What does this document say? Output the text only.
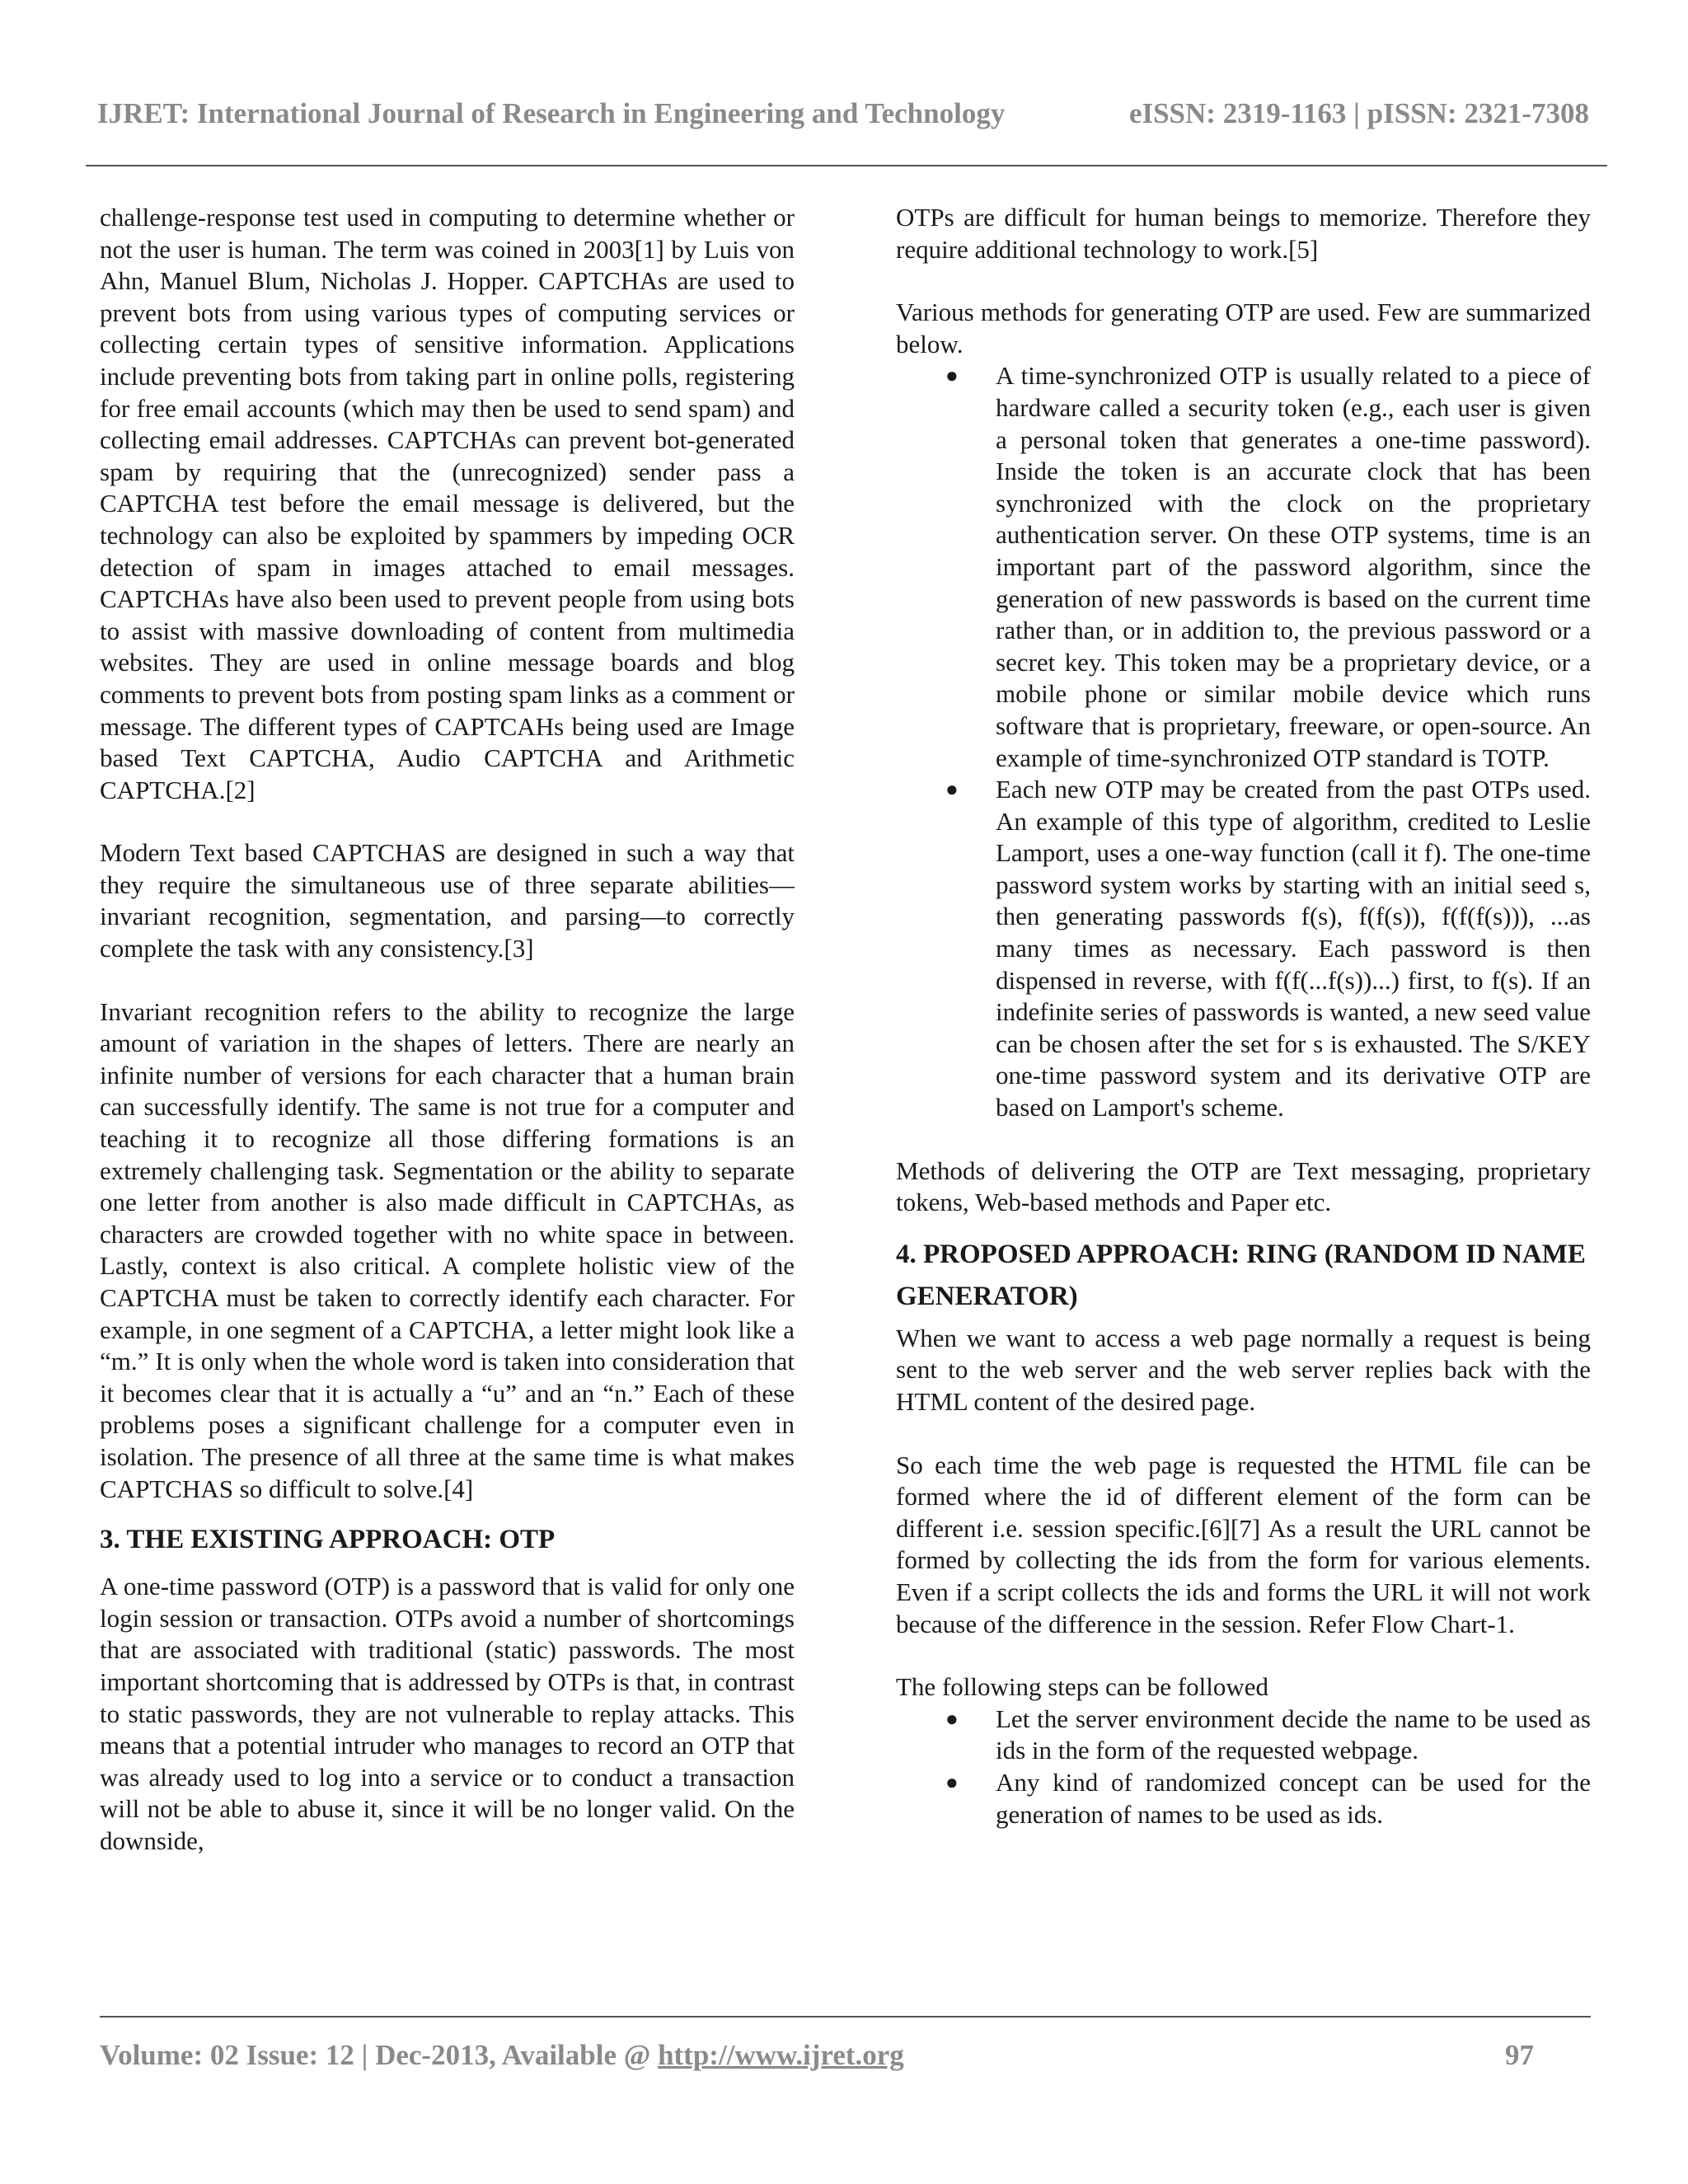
IJRET: International Journal of Research in Engineering and Technology	eISSN: 2319-1163 | pISSN: 2321-7308

challenge-response test used in computing to determine whether or not the user is human. The term was coined in 2003[1] by Luis von Ahn, Manuel Blum, Nicholas J. Hopper. CAPTCHAs are used to prevent bots from using various types of computing services or collecting certain types of sensitive information. Applications include preventing bots from taking part in online polls, registering for free email accounts (which may then be used to send spam) and collecting email addresses. CAPTCHAs can prevent bot-generated spam by requiring that the (unrecognized) sender pass a CAPTCHA test before the email message is delivered, but the technology can also be exploited by spammers by impeding OCR detection of spam in images attached to email messages. CAPTCHAs have also been used to prevent people from using bots to assist with massive downloading of content from multimedia websites. They are used in online message boards and blog comments to prevent bots from posting spam links as a comment or message. The different types of CAPTCAHs being used are Image based Text CAPTCHA, Audio CAPTCHA and Arithmetic CAPTCHA.[2]

Modern Text based CAPTCHAS are designed in such a way that they require the simultaneous use of three separate abilities—invariant recognition, segmentation, and parsing—to correctly complete the task with any consistency.[3]

Invariant recognition refers to the ability to recognize the large amount of variation in the shapes of letters. There are nearly an infinite number of versions for each character that a human brain can successfully identify. The same is not true for a computer and teaching it to recognize all those differing formations is an extremely challenging task. Segmentation or the ability to separate one letter from another is also made difficult in CAPTCHAs, as characters are crowded together with no white space in between. Lastly, context is also critical. A complete holistic view of the CAPTCHA must be taken to correctly identify each character. For example, in one segment of a CAPTCHA, a letter might look like a “m.” It is only when the whole word is taken into consideration that it becomes clear that it is actually a “u” and an “n.” Each of these problems poses a significant challenge for a computer even in isolation. The presence of all three at the same time is what makes CAPTCHAS so difficult to solve.[4]

3. THE EXISTING APPROACH: OTP

A one-time password (OTP) is a password that is valid for only one login session or transaction. OTPs avoid a number of shortcomings that are associated with traditional (static) passwords. The most important shortcoming that is addressed by OTPs is that, in contrast to static passwords, they are not vulnerable to replay attacks. This means that a potential intruder who manages to record an OTP that was already used to log into a service or to conduct a transaction will not be able to abuse it, since it will be no longer valid. On the downside,

OTPs are difficult for human beings to memorize. Therefore they require additional technology to work.[5]

Various methods for generating OTP are used. Few are summarized below.

● A time-synchronized OTP is usually related to a piece of hardware called a security token (e.g., each user is given a personal token that generates a one-time password). Inside the token is an accurate clock that has been synchronized with the clock on the proprietary authentication server. On these OTP systems, time is an important part of the password algorithm, since the generation of new passwords is based on the current time rather than, or in addition to, the previous password or a secret key. This token may be a proprietary device, or a mobile phone or similar mobile device which runs software that is proprietary, freeware, or open-source. An example of time-synchronized OTP standard is TOTP.
● Each new OTP may be created from the past OTPs used. An example of this type of algorithm, credited to Leslie Lamport, uses a one-way function (call it f). The one-time password system works by starting with an initial seed s, then generating passwords f(s), f(f(s)), f(f(f(s))), ...as many times as necessary. Each password is then dispensed in reverse, with f(f(...f(s))...) first, to f(s). If an indefinite series of passwords is wanted, a new seed value can be chosen after the set for s is exhausted. The S/KEY one-time password system and its derivative OTP are based on Lamport's scheme.

Methods of delivering the OTP are Text messaging, proprietary tokens, Web-based methods and Paper etc.

4. PROPOSED APPROACH: RING (RANDOM ID NAME GENERATOR)

When we want to access a web page normally a request is being sent to the web server and the web server replies back with the HTML content of the desired page.

So each time the web page is requested the HTML file can be formed where the id of different element of the form can be different i.e. session specific.[6][7] As a result the URL cannot be formed by collecting the ids from the form for various elements. Even if a script collects the ids and forms the URL it will not work because of the difference in the session. Refer Flow Chart-1.

The following steps can be followed

● Let the server environment decide the name to be used as ids in the form of the requested webpage.
● Any kind of randomized concept can be used for the generation of names to be used as ids.
Volume: 02 Issue: 12 | Dec-2013, Available @ http://www.ijret.org	97
